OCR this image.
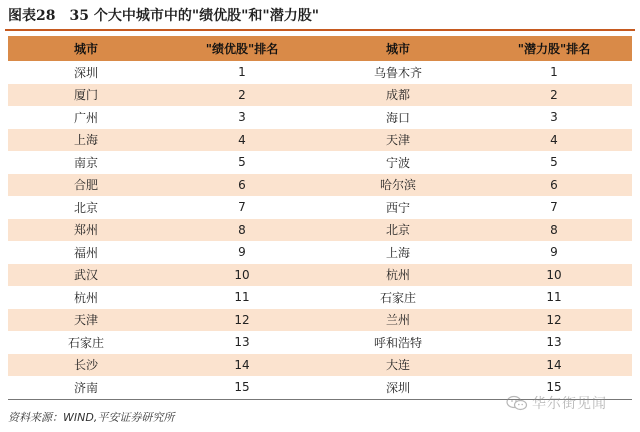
图表28 35 个大中城市中的"绩优股"和"潜力股"
城市	"绩优股"排名	城市	"潜力股"排名
深圳	1	乌鲁木齐	1
厦门	2	成都	2
广州	3	海口	3
上海	4	天津	4
南京	5	宁波	5
合肥	6	哈尔滨	6
北京	7	西宁	7
郑州	8	北京	8
福州	9	上海	9
武汉	10	杭州	10
杭州	11	石家庄	11
天津	12	兰州	12
石家庄	13	呼和浩特	13
长沙	14	大连	14
济南	15	深圳	15
资料来源：WIND,平安证券研究所
华尔街见闻
